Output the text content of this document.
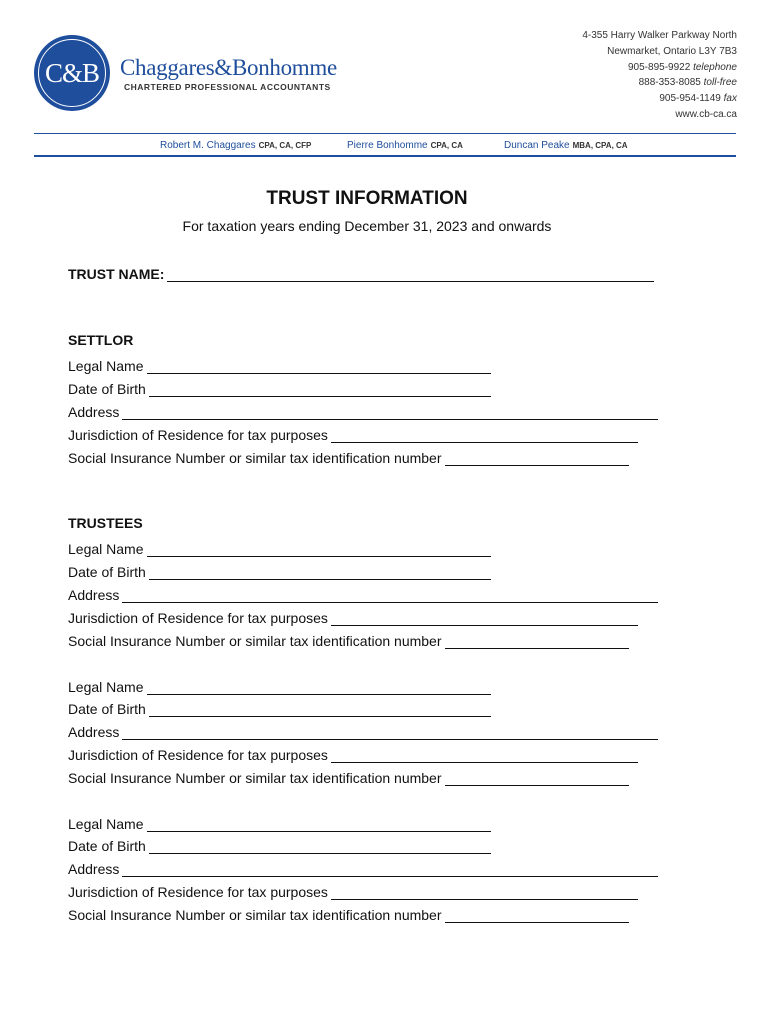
C&B Chaggares&Bonhomme
CHARTERED PROFESSIONAL ACCOUNTANTS
4-355 Harry Walker Parkway North
Newmarket, Ontario L3Y 7B3
905-895-9922 telephone
888-353-8085 toll-free
905-954-1149 fax
www.cb-ca.ca
Robert M. Chaggares CPA, CA, CFP	Pierre Bonhomme CPA, CA	Duncan Peake MBA, CPA, CA
TRUST INFORMATION
For taxation years ending December 31, 2023 and onwards
TRUST NAME:
SETTLOR
Legal Name
Date of Birth
Address
Jurisdiction of Residence for tax purposes
Social Insurance Number or similar tax identification number
TRUSTEES
Legal Name
Date of Birth
Address
Jurisdiction of Residence for tax purposes
Social Insurance Number or similar tax identification number
Legal Name
Date of Birth
Address
Jurisdiction of Residence for tax purposes
Social Insurance Number or similar tax identification number
Legal Name
Date of Birth
Address
Jurisdiction of Residence for tax purposes
Social Insurance Number or similar tax identification number
